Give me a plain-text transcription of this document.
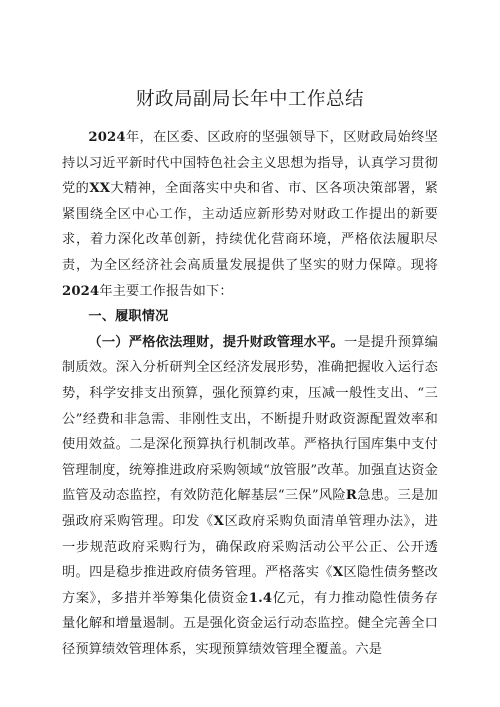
财政局副局长年中工作总结

2024年，在区委、区政府的坚强领导下，区财政局始终坚持以习近平新时代中国特色社会主义思想为指导，认真学习贯彻党的XX大精神，全面落实中央和省、市、区各项决策部署，紧紧围绕全区中心工作，主动适应新形势对财政工作提出的新要求，着力深化改革创新，持续优化营商环境，严格依法履职尽责，为全区经济社会高质量发展提供了坚实的财力保障。现将2024年主要工作报告如下：

一、履职情况

（一）严格依法理财，提升财政管理水平。一是提升预算编制质效。深入分析研判全区经济发展形势，准确把握收入运行态势，科学安排支出预算，强化预算约束，压减一般性支出、“三公”经费和非急需、非刚性支出，不断提升财政资源配置效率和使用效益。二是深化预算执行机制改革。严格执行国库集中支付管理制度，统筹推进政府采购领域“放管服”改革。加强直达资金监管及动态监控，有效防范化解基层“三保”风险R急患。三是加强政府采购管理。印发《X区政府采购负面清单管理办法》，进一步规范政府采购行为，确保政府采购活动公平公正、公开透明。四是稳步推进政府债务管理。严格落实《X区隐性债务整改方案》，多措并举筹集化债资金1.4亿元，有力推动隐性债务存量化解和增量遏制。五是强化资金运行动态监控。健全完善全口径预算绩效管理体系，实现预算绩效管理全覆盖。六是
